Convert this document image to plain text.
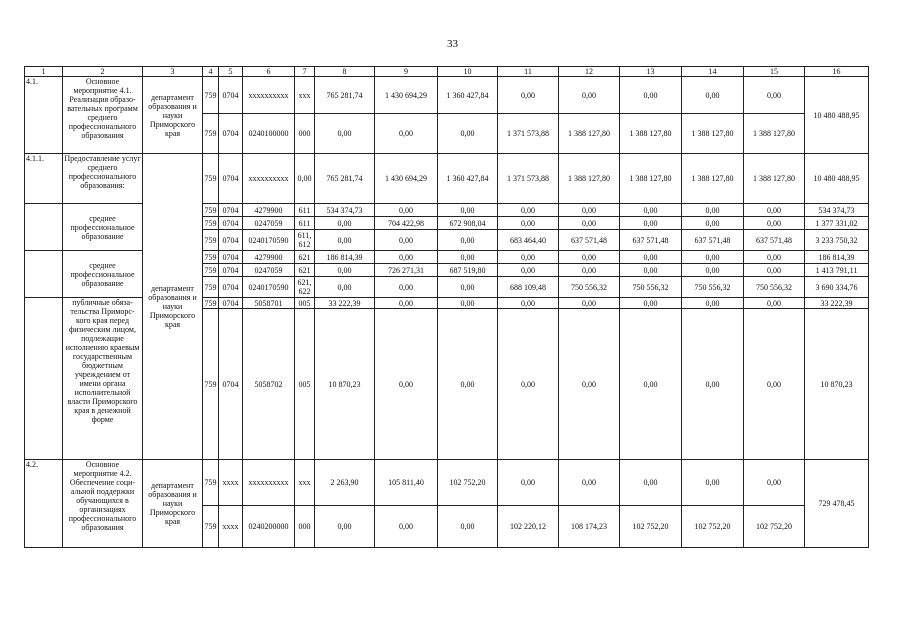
33
1	2	3	4	5	6	7	8	9	10	11	12	13	14	15	16
4.1.	Основное мероприятие 4.1. Реализация образо-вательных программ среднего профессионального образования	департамент образования и науки Приморского края	759	0704	xxxxxxxxxx	xxx	765 281,74	1 430 694,29	1 360 427,84	0,00	0,00	0,00	0,00	0,00	10 480 488,95
			759	0704	0240100000	000	0,00	0,00	0,00	1 371 573,88	1 388 127,80	1 388 127,80	1 388 127,80	1 388 127,80	
4.1.1.	Предоставление услуг среднего профессионального образования:	департамент образования и науки Приморского края	759	0704	xxxxxxxxxx	0,00	765 281,74	1 430 694,29	1 360 427,84	1 371 573,88	1 388 127,80	1 388 127,80	1 388 127,80	1 388 127,80	10 480 488,95
	среднее профессиональное образование		759	0704	4279900	611	534 374,73	0,00	0,00	0,00	0,00	0,00	0,00	0,00	534 374,73
			759	0704	0247059	611	0,00	704 422,98	672 908,04	0,00	0,00	0,00	0,00	0,00	1 377 331,02
			759	0704	0240170590	611, 612	0,00	0,00	0,00	683 464,40	637 571,48	637 571,48	637 571,48	637 571,48	3 233 750,32
	среднее профессиональное образование		759	0704	4279900	621	186 814,39	0,00	0,00	0,00	0,00	0,00	0,00	0,00	186 814,39
			759	0704	0247059	621	0,00	726 271,31	687 519,80	0,00	0,00	0,00	0,00	0,00	1 413 791,11
			759	0704	0240170590	621, 622	0,00	0,00	0,00	688 109,48	750 556,32	750 556,32	750 556,32	750 556,32	3 690 334,76
	публичные обяза-тельства Приморс-кого края перед физическим лицом, подлежащие исполнению краевым государственным бюджетным учреждением от имени органа исполнительной власти Приморского края в денежной форме		759	0704	5058701	005	33 222,39	0,00	0,00	0,00	0,00	0,00	0,00	0,00	33 222,39
			759	0704	5058702	005	10 870,23	0,00	0,00	0,00	0,00	0,00	0,00	0,00	10 870,23
4.2.	Основное мероприятие 4.2. Обеспечение соци-альной поддержки обучающихся в организациях профессионального образования	департамент образования и науки Приморского края	759	xxxx	xxxxxxxxxx	xxx	2 263,90	105 811,40	102 752,20	0,00	0,00	0,00	0,00	0,00	729 478,45
			759	xxxx	0240200000	000	0,00	0,00	0,00	102 220,12	108 174,23	102 752,20	102 752,20	102 752,20	
